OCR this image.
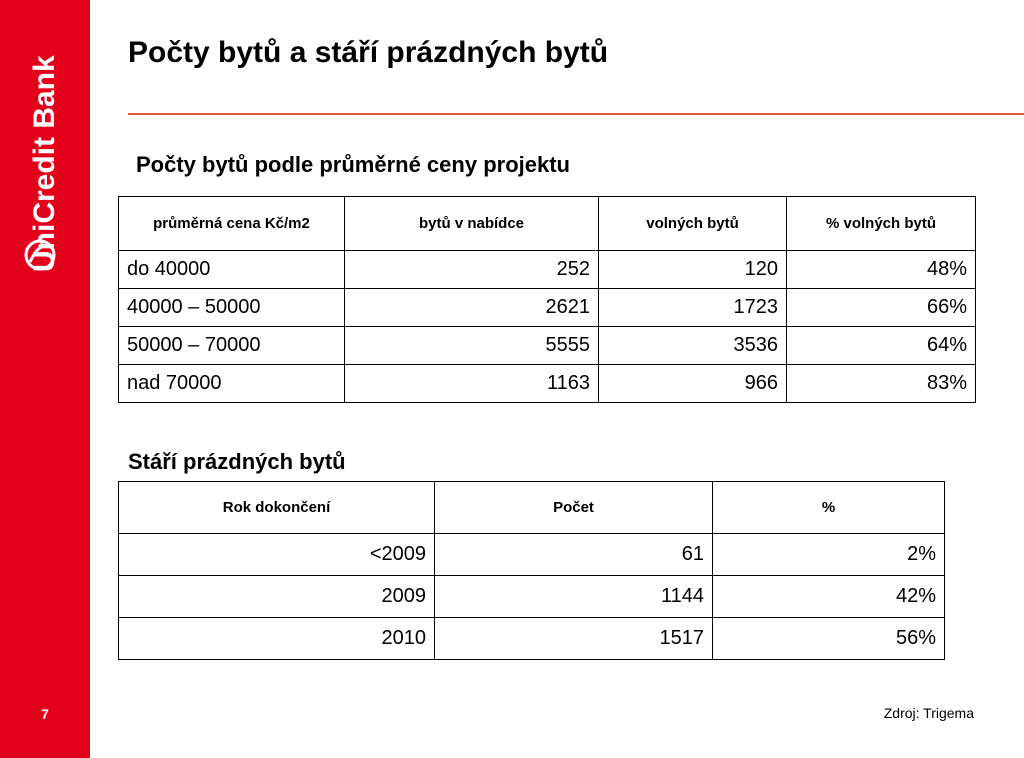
UniCredit Bank
7
Počty bytů a stáří prázdných bytů
Počty bytů podle průměrné ceny projektu
průměrná cena Kč/m2	bytů v nabídce	volných bytů	% volných bytů
do 40000	252	120	48%
40000 – 50000	2621	1723	66%
50000 – 70000	5555	3536	64%
nad 70000	1163	966	83%
Stáří prázdných bytů
Rok dokončení	Počet	%
<2009	61	2%
2009	1144	42%
2010	1517	56%
Zdroj: Trigema
